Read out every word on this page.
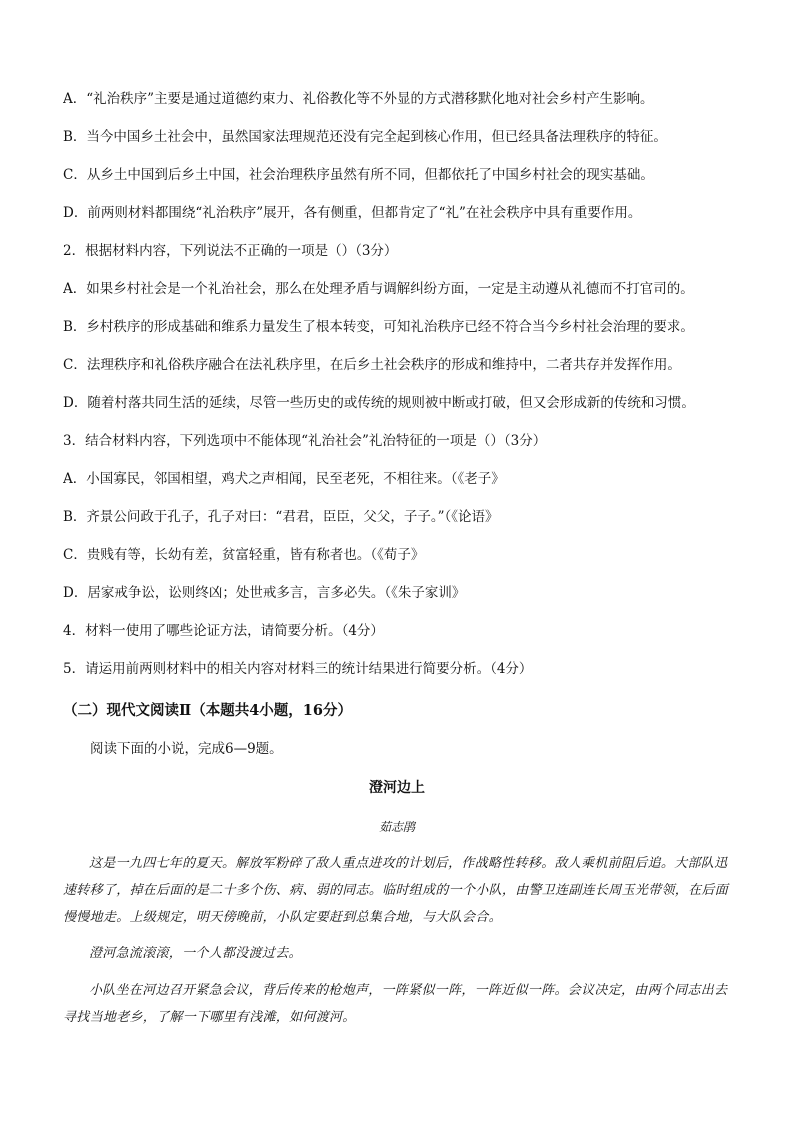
A．“礼治秩序”主要是通过道德约束力、礼俗教化等不外显的方式潜移默化地对社会乡村产生影响。
B．当今中国乡土社会中，虽然国家法理规范还没有完全起到核心作用，但已经具备法理秩序的特征。
C．从乡土中国到后乡土中国，社会治理秩序虽然有所不同，但都依托了中国乡村社会的现实基础。
D．前两则材料都围绕“礼治秩序”展开，各有侧重，但都肯定了“礼”在社会秩序中具有重要作用。
2．根据材料内容，下列说法不正确的一项是（）（3分）
A．如果乡村社会是一个礼治社会，那么在处理矛盾与调解纠纷方面，一定是主动遵从礼德而不打官司的。
B．乡村秩序的形成基础和维系力量发生了根本转变，可知礼治秩序已经不符合当今乡村社会治理的要求。
C．法理秩序和礼俗秩序融合在法礼秩序里，在后乡土社会秩序的形成和维持中，二者共存并发挥作用。
D．随着村落共同生活的延续，尽管一些历史的或传统的规则被中断或打破，但又会形成新的传统和习惯。
3．结合材料内容，下列选项中不能体现“礼治社会”礼治特征的一项是（）（3分）
A．小国寡民，邻国相望，鸡犬之声相闻，民至老死，不相往来。（《老子》
B．齐景公问政于孔子，孔子对曰：“君君，臣臣，父父，子子。”（《论语》
C．贵贱有等，长幼有差，贫富轻重，皆有称者也。（《荀子》
D．居家戒争讼，讼则终凶；处世戒多言，言多必失。（《朱子家训》
4．材料一使用了哪些论证方法，请简要分析。（4分）
5．请运用前两则材料中的相关内容对材料三的统计结果进行简要分析。（4分）
（二）现代文阅读Ⅱ（本题共4小题，16分）
阅读下面的小说，完成6—9题。
澄河边上
茹志鹃

这是一九四七年的夏天。解放军粉碎了敌人重点进攻的计划后，作战略性转移。敌人乘机前阻后追。大部队迅速转移了，掉在后面的是二十多个伤、病、弱的同志。临时组成的一个小队，由警卫连副连长周玉光带领，在后面慢慢地走。上级规定，明天傍晚前，小队定要赶到总集合地，与大队会合。

澄河急流滚滚，一个人都没渡过去。

小队坐在河边召开紧急会议，背后传来的枪炮声，一阵紧似一阵，一阵近似一阵。会议决定，由两个同志出去寻找当地老乡，了解一下哪里有浅滩，如何渡河。
